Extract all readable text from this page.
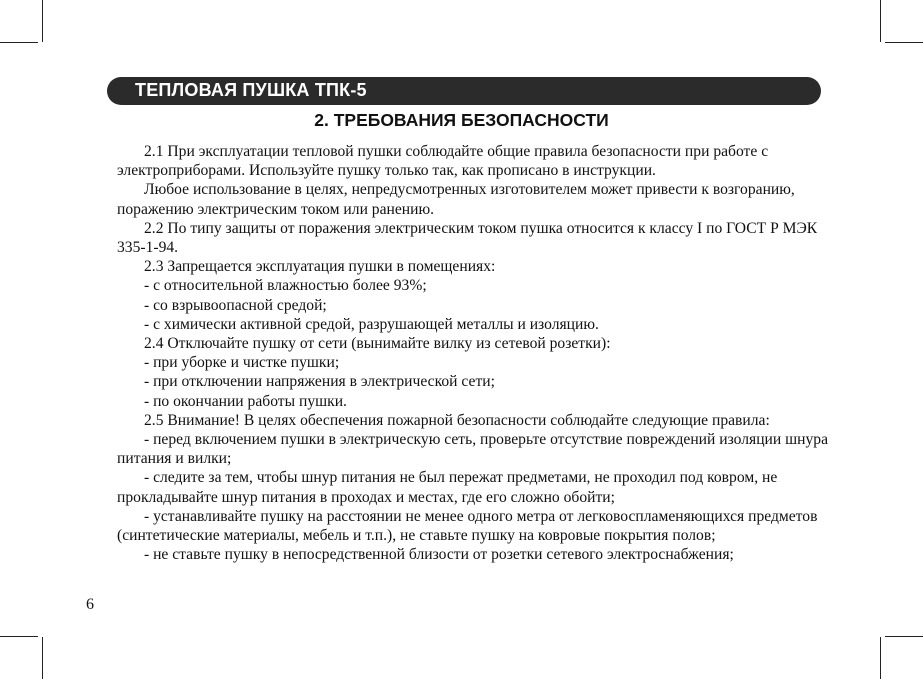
ТЕПЛОВАЯ ПУШКА ТПК-5
2. ТРЕБОВАНИЯ БЕЗОПАСНОСТИ

2.1 При эксплуатации тепловой пушки соблюдайте общие правила безопасности при работе с электроприборами. Используйте пушку только так, как прописано в инструкции.

Любое использование в целях, непредусмотренных изготовителем может привести к возгоранию, поражению электрическим током или ранению.

2.2 По типу защиты от поражения электрическим током пушка относится к классу I по ГОСТ Р МЭК 335-1-94.

2.3 Запрещается эксплуатация пушки в помещениях:

- с относительной влажностью более 93%;

- со взрывоопасной средой;

- с химически активной средой, разрушающей металлы и изоляцию.

2.4 Отключайте пушку от сети (вынимайте вилку из сетевой розетки):

- при уборке и чистке пушки;

- при отключении напряжения в электрической сети;

- по окончании работы пушки.

2.5 Внимание! В целях обеспечения пожарной безопасности соблюдайте следующие правила:

- перед включением пушки в электрическую сеть, проверьте отсутствие повреждений изоляции шнура питания и вилки;

- следите за тем, чтобы шнур питания не был пережат предметами, не проходил под ковром, не прокладывайте шнур питания в проходах и местах, где его сложно обойти;

- устанавливайте пушку на расстоянии не менее одного метра от легковоспламеняющихся предметов (синтетические материалы, мебель и т.п.), не ставьте пушку на ковровые покрытия полов;

- не ставьте пушку в непосредственной близости от розетки сетевого электроснабжения;

6
